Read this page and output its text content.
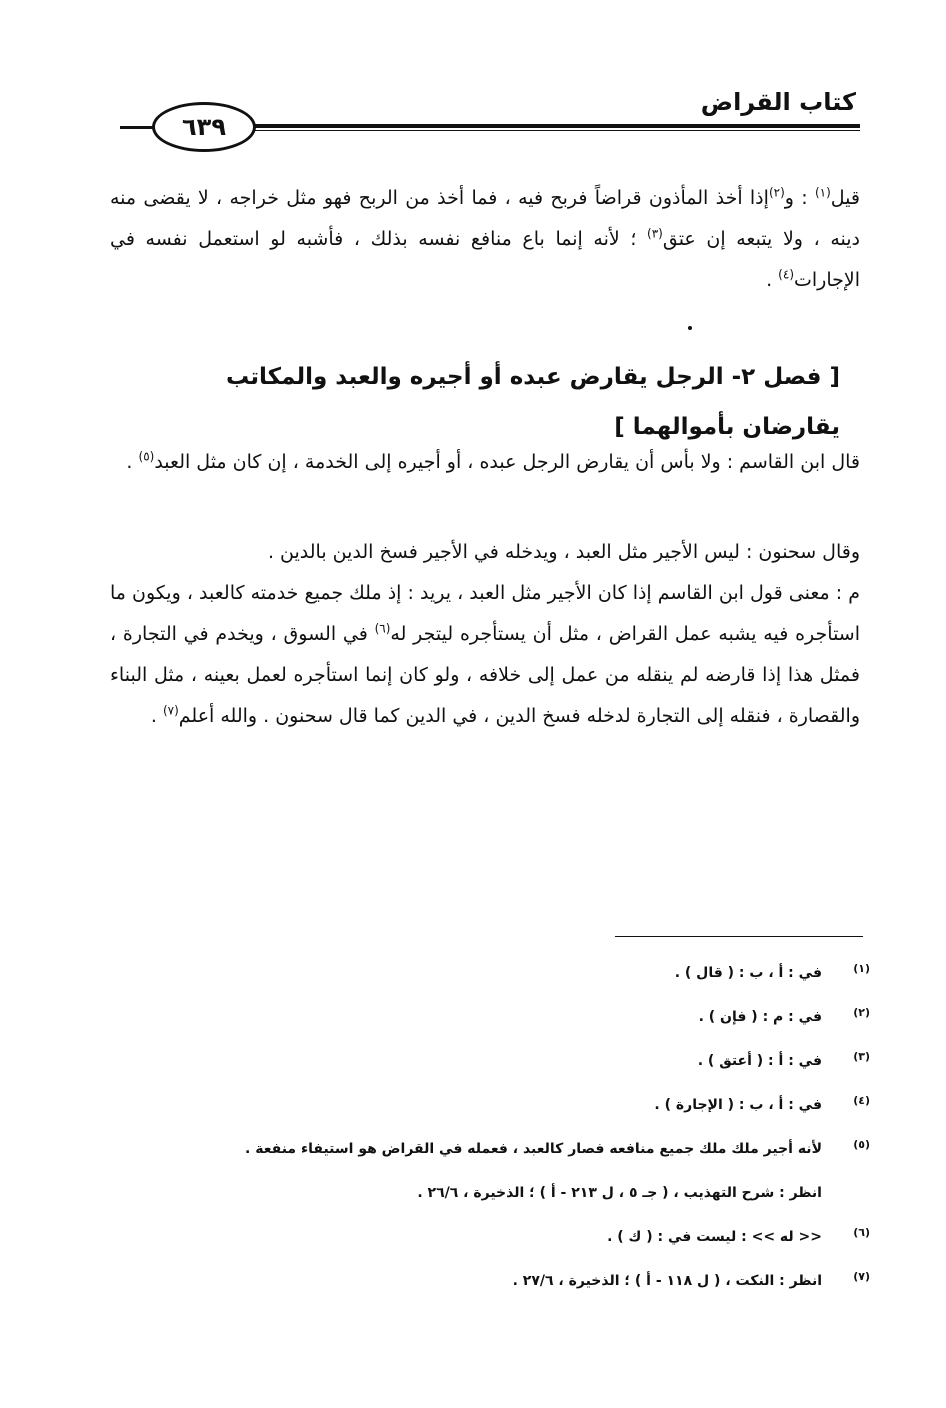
كتاب القراض
٦٣٩

قيل$^{(١)}$ : و$^{(٢)}$إذا أخذ المأذون قراضاً فربح فيه ، فما أخذ من الربح فهو مثل خراجه ، لا يقضى منه دينه ، ولا يتبعه إن عتق$^{(٣)}$ ؛ لأنه إنما باع منافع نفسه بذلك ، فأشبه لو استعمل نفسه في الإجارات$^{(٤)}$ .

[ فصل ٢- الرجل يقارض عبده أو أجيره والعبد والمكاتب يقارضان بأموالهما ]

قال ابن القاسم : ولا بأس أن يقارض الرجل عبده ، أو أجيره إلى الخدمة ، إن كان مثل العبد$^{(٥)}$ .

وقال سحنون : ليس الأجير مثل العبد ، ويدخله في الأجير فسخ الدين بالدين .

م : معنى قول ابن القاسم إذا كان الأجير مثل العبد ، يريد : إذ ملك جميع خدمته كالعبد ، ويكون ما استأجره فيه يشبه عمل القراض ، مثل أن يستأجره ليتجر له$^{(٦)}$ في السوق ، ويخدم في التجارة ، فمثل هذا إذا قارضه لم ينقله من عمل إلى خلافه ، ولو كان إنما استأجره لعمل بعينه ، مثل البناء والقصارة ، فنقله إلى التجارة لدخله فسخ الدين ، في الدين كما قال سحنون . والله أعلم$^{(٧)}$ .

(١)
في : أ ، ب : ( قال ) .
(٢)
في : م : ( فإن ) .
(٣)
في : أ : ( أعتق ) .
(٤)
في : أ ، ب : ( الإجارة ) .
(٥)
لأنه أجير ملك ملك جميع منافعه فصار كالعبد ، فعمله في القراض هو استيفاء منفعة .
انظر : شرح التهذيب ، ( جـ ٥ ، ل ٢١٣ - أ ) ؛ الذخيرة ، ٢٦/٦ .
(٦)
<< له >> : ليست في : ( ك ) .
(٧)
انظر : النكت ، ( ل ١١٨ - أ ) ؛ الذخيرة ، ٢٧/٦ .
